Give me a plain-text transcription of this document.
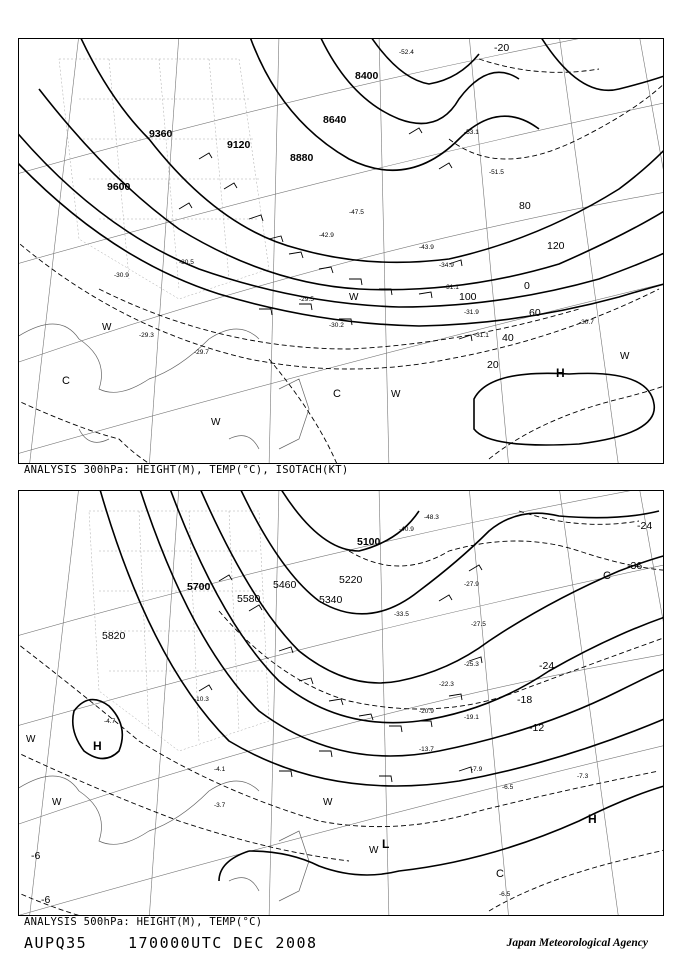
-52.4
-53.1
-51.5
-47.5
-43.9
-42.9
-34.9
-31.1
-30.5
-30.9
-29.7
-29.3
-31.9
-30.7
-31.1
-29.5
-30.2
8400
8640
8880
9120
9360
9600
-20
0
20
40
60
80
100
120
H
C
C
W
W
W
W
W
ANALYSIS 300hPa: HEIGHT(M), TEMP(°C), ISOTACH(KT)
-48.3
-40.9
-33.5
-27.9
-27.5
-25.3
-22.3
-20.9
-19.1
-13.7
-10.3
-7.9
-7.3
-6.5
-4.1
-3.7
-6.5
-4.7
5100
5340
5460
5580
5700
5820
5220
-36
-24
-24
-18
-12
-6
-6
H
H
L
C
C
W
W	W
W
ANALYSIS 500hPa: HEIGHT(M), TEMP(°C)
AUPQ35	170000UTC DEC 2008	Japan Meteorological Agency
